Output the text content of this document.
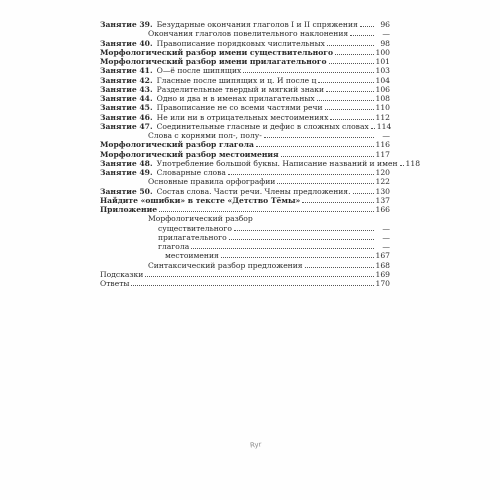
Занятие 39. Безударные окончания глаголов I и II спряжения	96
Окончания глаголов повелительного наклонения	—
Занятие 40. Правописание порядковых числительных	98
Морфологический разбор имени существительного	100
Морфологический разбор имени прилагательного	101
Занятие 41. О—ё после шипящих	103
Занятие 42. Гласные после шипящих и ц. И после ц	104
Занятие 43. Разделительные твердый и мягкий знаки	106
Занятие 44. Одно и два н в именах прилагательных	108
Занятие 45. Правописание не со всеми частями речи	110
Занятие 46. Не или ни в отрицательных местоимениях	112
Занятие 47. Соединительные гласные и дефис в сложных словах 114
Слова с корнями пол-, полу-	—
Морфологический разбор глагола	116
Морфологический разбор местоимения	117
Занятие 48. Употребление большой буквы. Написание названий и имен 118
Занятие 49. Словарные слова	120
Основные правила орфографии	122
Занятие 50. Состав слова. Части речи. Члены предложения.	130
Найдите «ошибки» в тексте «Детство Тёмы»	137
Приложение	166
Морфологический разбор
существительного	—
прилагательного	—
глагола	—
местоимения	167
Синтаксический разбор предложения	168
Подсказки	169
Ответы	170
Ryr
